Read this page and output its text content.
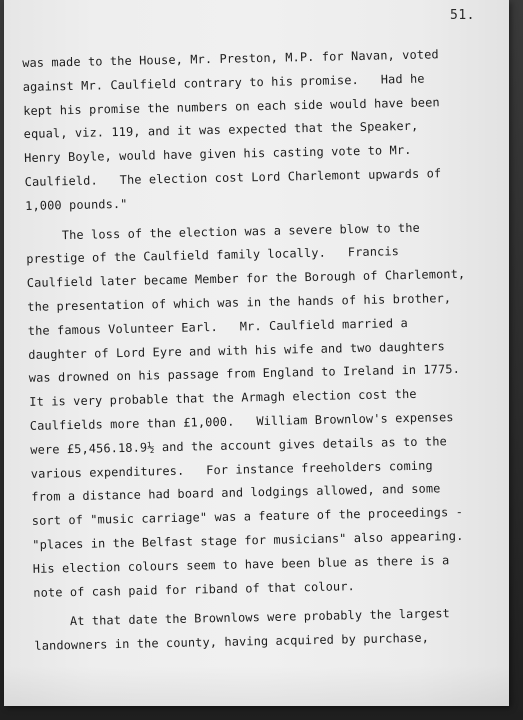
51.
was made to the House, Mr. Preston, M.P. for Navan, voted
against Mr. Caulfield contrary to his promise.   Had he
kept his promise the numbers on each side would have been
equal, viz. 119, and it was expected that the Speaker,
Henry Boyle, would have given his casting vote to Mr.
Caulfield.   The election cost Lord Charlemont upwards of
1,000 pounds."
The loss of the election was a severe blow to the
prestige of the Caulfield family locally.   Francis
Caulfield later became Member for the Borough of Charlemont,
the presentation of which was in the hands of his brother,
the famous Volunteer Earl.   Mr. Caulfield married a
daughter of Lord Eyre and with his wife and two daughters
was drowned on his passage from England to Ireland in 1775.
It is very probable that the Armagh election cost the
Caulfields more than £1,000.   William Brownlow's expenses
were £5,456.18.9½ and the account gives details as to the
various expenditures.   For instance freeholders coming
from a distance had board and lodgings allowed, and some
sort of "music carriage" was a feature of the proceedings -
"places in the Belfast stage for musicians" also appearing.
His election colours seem to have been blue as there is a
note of cash paid for riband of that colour.
At that date the Brownlows were probably the largest
landowners in the county, having acquired by purchase,
